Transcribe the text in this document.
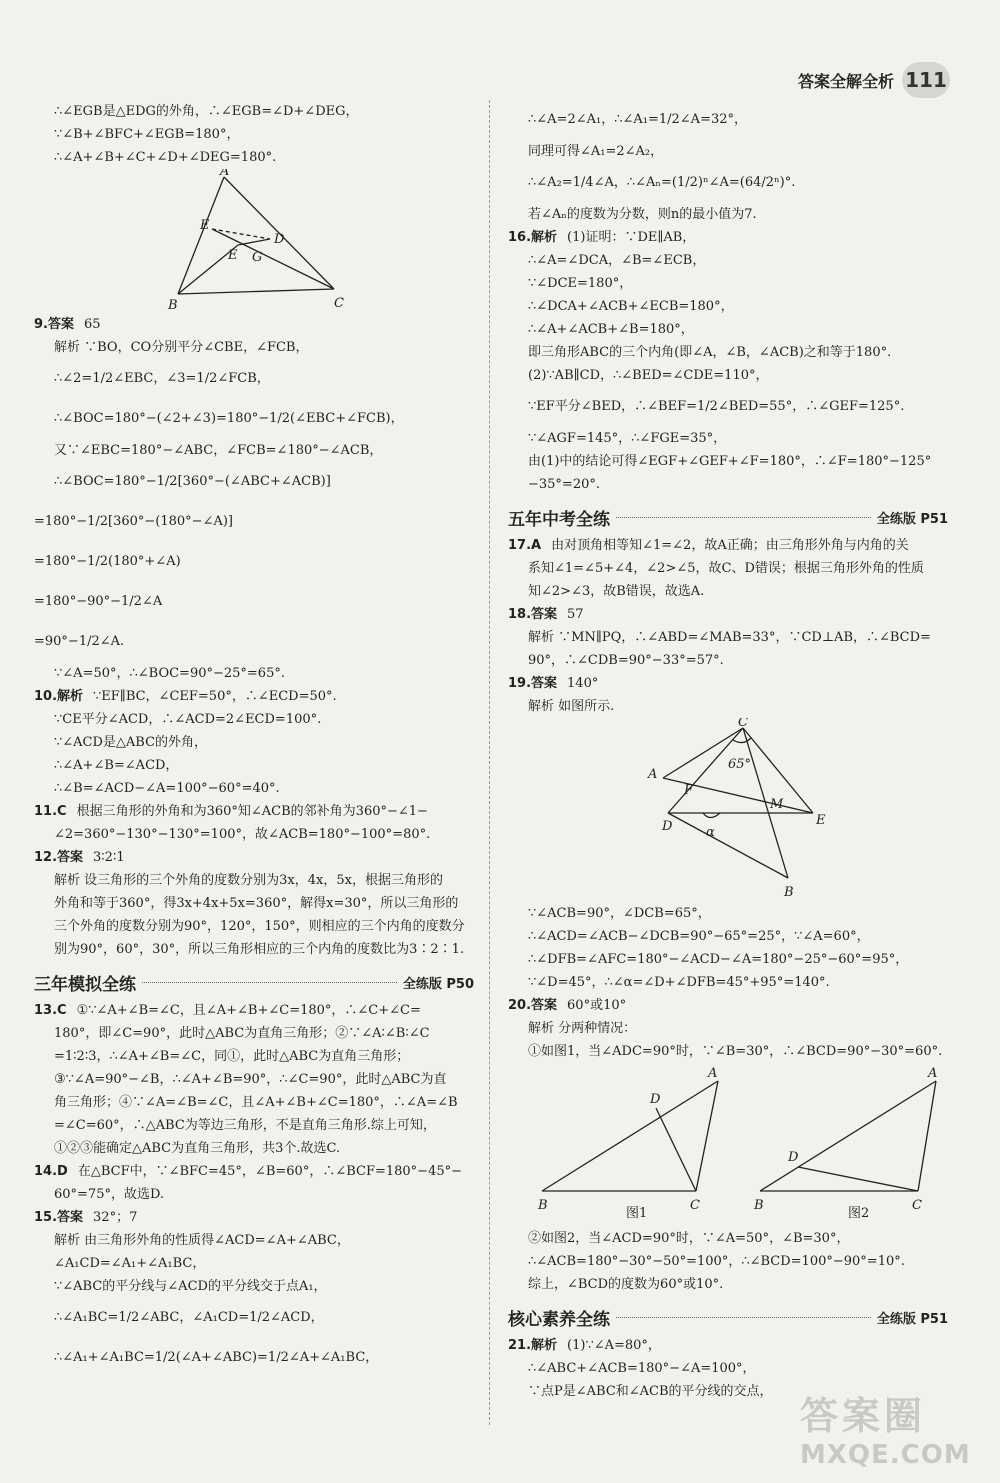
答案全解全析 111
∴∠EGB是△EDG的外角，∴∠EGB=∠D+∠DEG，
∵∠B+∠BFC+∠EGB=180°，
∴∠A+∠B+∠C+∠D+∠DEG=180°.
A
E
E
D
G
B	C
9.答案 65
解析 ∵BO，CO分别平分∠CBE，∠FCB，
∴∠2=1/2∠EBC，∠3=1/2∠FCB，
∴∠BOC=180°−(∠2+∠3)=180°−1/2(∠EBC+∠FCB)，
又∵∠EBC=180°−∠ABC，∠FCB=∠180°−∠ACB，
∴∠BOC=180°−1/2[360°−(∠ABC+∠ACB)]
=180°−1/2[360°−(180°−∠A)]
=180°−1/2(180°+∠A)
=180°−90°−1/2∠A
=90°−1/2∠A.
∵∠A=50°，∴∠BOC=90°−25°=65°.
10.解析 ∵EF∥BC，∠CEF=50°，∴∠ECD=50°.
∵CE平分∠ACD，∴∠ACD=2∠ECD=100°.
∵∠ACD是△ABC的外角，
∴∠A+∠B=∠ACD，
∴∠B=∠ACD−∠A=100°−60°=40°.
11.C 根据三角形的外角和为360°知∠ACB的邻补角为360°−∠1−
∠2=360°−130°−130°=100°，故∠ACB=180°−100°=80°.
12.答案 3∶2∶1
解析 设三角形的三个外角的度数分别为3x，4x，5x，根据三角形的
外角和等于360°，得3x+4x+5x=360°，解得x=30°，所以三角形的
三个外角的度数分别为90°，120°，150°，则相应的三个内角的度数分
别为90°，60°，30°，所以三角形相应的三个内角的度数比为3∶2∶1.
三年模拟全练	全练版 P50
13.C ①∵∠A+∠B=∠C，且∠A+∠B+∠C=180°，∴∠C+∠C=
180°，即∠C=90°，此时△ABC为直角三角形；②∵∠A∶∠B∶∠C
=1∶2∶3，∴∠A+∠B=∠C，同①，此时△ABC为直角三角形；
③∵∠A=90°−∠B，∴∠A+∠B=90°，∴∠C=90°，此时△ABC为直
角三角形；④∵∠A=∠B=∠C，且∠A+∠B+∠C=180°，∴∠A=∠B
=∠C=60°，∴△ABC为等边三角形，不是直角三角形.综上可知，
①②③能确定△ABC为直角三角形，共3个.故选C.
14.D 在△BCF中，∵∠BFC=45°，∠B=60°，∴∠BCF=180°−45°−
60°=75°，故选D.
15.答案 32°；7
解析 由三角形外角的性质得∠ACD=∠A+∠ABC，
∠A₁CD=∠A₁+∠A₁BC，
∵∠ABC的平分线与∠ACD的平分线交于点A₁，
∴∠A₁BC=1/2∠ABC，∠A₁CD=1/2∠ACD，
∴∠A₁+∠A₁BC=1/2(∠A+∠ABC)=1/2∠A+∠A₁BC，
∴∠A=2∠A₁，∴∠A₁=1/2∠A=32°，
同理可得∠A₁=2∠A₂，
∴∠A₂=1/4∠A，∴∠Aₙ=(1/2)ⁿ∠A=(64/2ⁿ)°.
若∠Aₙ的度数为分数，则n的最小值为7.
16.解析 (1)证明：∵DE∥AB，
∴∠A=∠DCA，∠B=∠ECB，
∵∠DCE=180°，
∴∠DCA+∠ACB+∠ECB=180°，
∴∠A+∠ACB+∠B=180°，
即三角形ABC的三个内角(即∠A，∠B，∠ACB)之和等于180°.
(2)∵AB∥CD，∴∠BED=∠CDE=110°，
∵EF平分∠BED，∴∠BEF=1/2∠BED=55°，∴∠GEF=125°.
∵∠AGF=145°，∴∠FGE=35°，
由(1)中的结论可得∠EGF+∠GEF+∠F=180°，∴∠F=180°−125°
−35°=20°.
五年中考全练	全练版 P51
17.A 由对顶角相等知∠1=∠2，故A正确；由三角形外角与内角的关
系知∠1=∠5+∠4，∠2>∠5，故C、D错误；根据三角形外角的性质
知∠2>∠3，故B错误，故选A.
18.答案 57
解析 ∵MN∥PQ，∴∠ABD=∠MAB=33°，∵CD⊥AB，∴∠BCD=
90°，∴∠CDB=90°−33°=57°.
19.答案 140°
解析 如图所示.
C
A
F
65°
M
D	α
E
B
∵∠ACB=90°，∠DCB=65°，
∴∠ACD=∠ACB−∠DCB=90°−65°=25°，∵∠A=60°，
∴∠DFB=∠AFC=180°−∠ACD−∠A=180°−25°−60°=95°，
∵∠D=45°，∴∠α=∠D+∠DFB=45°+95°=140°.
20.答案 60°或10°
解析 分两种情况：
①如图1，当∠ADC=90°时，∵∠B=30°，∴∠BCD=90°−30°=60°.
A
D
B	C
图1
A
D
B	C
图2
②如图2，当∠ACD=90°时，∵∠A=50°，∠B=30°，
∴∠ACB=180°−30°−50°=100°，∴∠BCD=100°−90°=10°.
综上，∠BCD的度数为60°或10°.
核心素养全练	全练版 P51
21.解析 (1)∵∠A=80°，
∴∠ABC+∠ACB=180°−∠A=100°，
∵点P是∠ABC和∠ACB的平分线的交点，
答案圈
MXQE.COM
